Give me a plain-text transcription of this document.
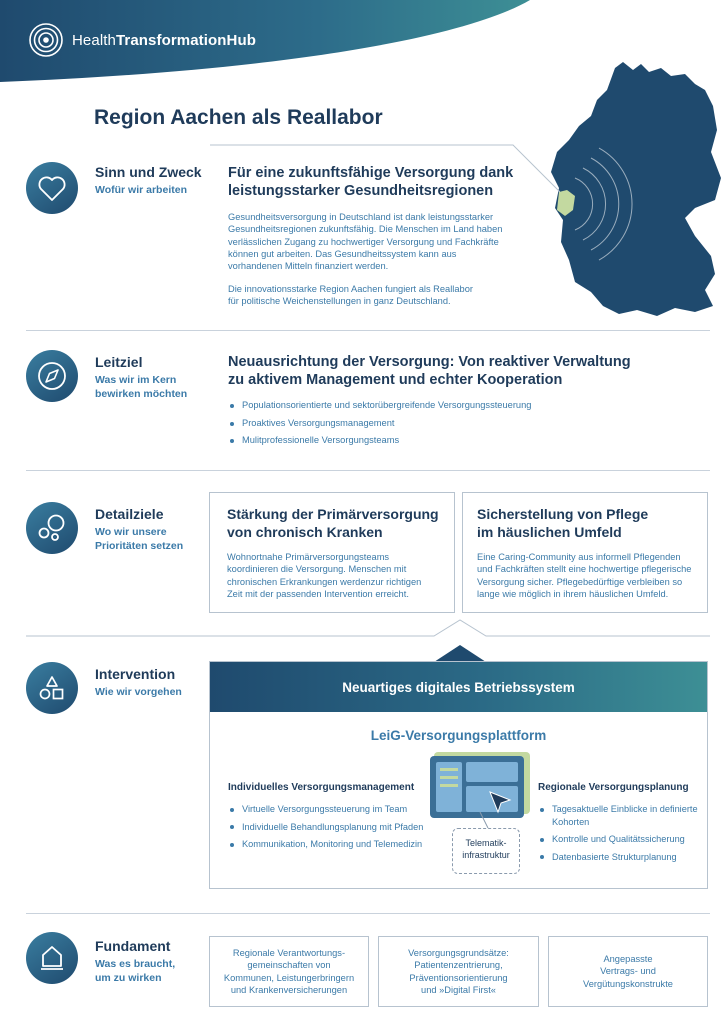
HealthTransformationHub
Region Aachen als Reallabor
Sinn und Zweck
Wofür wir arbeiten
Für eine zukunftsfähige Versorgung dank
leistungsstarker Gesundheitsregionen
Gesundheitsversorgung in Deutschland ist dank leistungsstarker
Gesundheitsregionen zukunftsfähig. Die Menschen im Land haben
verlässlichen Zugang zu hochwertiger Versorgung und Fachkräfte
können gut arbeiten. Das Gesundheitssystem kann aus
vorhandenen Mitteln finanziert werden.
Die innovationsstarke Region Aachen fungiert als Reallabor
für politische Weichenstellungen in ganz Deutschland.
Leitziel
Was wir im Kern
bewirken möchten
Neuausrichtung der Versorgung: Von reaktiver Verwaltung
zu aktivem Management und echter Kooperation
Populationsorientierte und sektorübergreifende Versorgungssteuerung
Proaktives Versorgungsmanagement
Mulitprofessionelle Versorgungsteams
Detailziele
Wo wir unsere
Prioritäten setzen
Stärkung der Primärversorgung
von chronisch Kranken
Wohnortnahe Primärversorgungsteams
koordinieren die Versorgung. Menschen mit
chronischen Erkrankungen werdenzur richtigen
Zeit mit der passenden Intervention erreicht.
Sicherstellung von Pflege
im häuslichen Umfeld
Eine Caring-Community aus informell Pflegenden
und Fachkräften stellt eine hochwertige pflegerische
Versorgung sicher. Pflegebedürftige verbleiben so
lange wie möglich in ihrem häuslichen Umfeld.
Intervention
Wie wir vorgehen	Neuartiges digitales Betriebssystem
LeiG-Versorgungsplattform
Individuelles Versorgungsmanagement
Virtuelle Versorgungssteuerung im Team
Individuelle Behandlungsplanung mit Pfaden
Kommunikation, Monitoring und Telemedizin	Telematik-
infrastruktur
Regionale Versorgungsplanung
Tagesaktuelle Einblicke in definierte Kohorten
Kontrolle und Qualitätssicherung
Datenbasierte Strukturplanung
Fundament
Was es braucht,
um zu wirken
Regionale Verantwortungs-
gemeinschaften von
Kommunen, Leistungerbringern
und Krankenversicherungen
Versorgungsgrundsätze:
Patientenzentrierung,
Präventionsorientierung
und »Digital First«
Angepasste
Vertrags- und
Vergütungskonstrukte
